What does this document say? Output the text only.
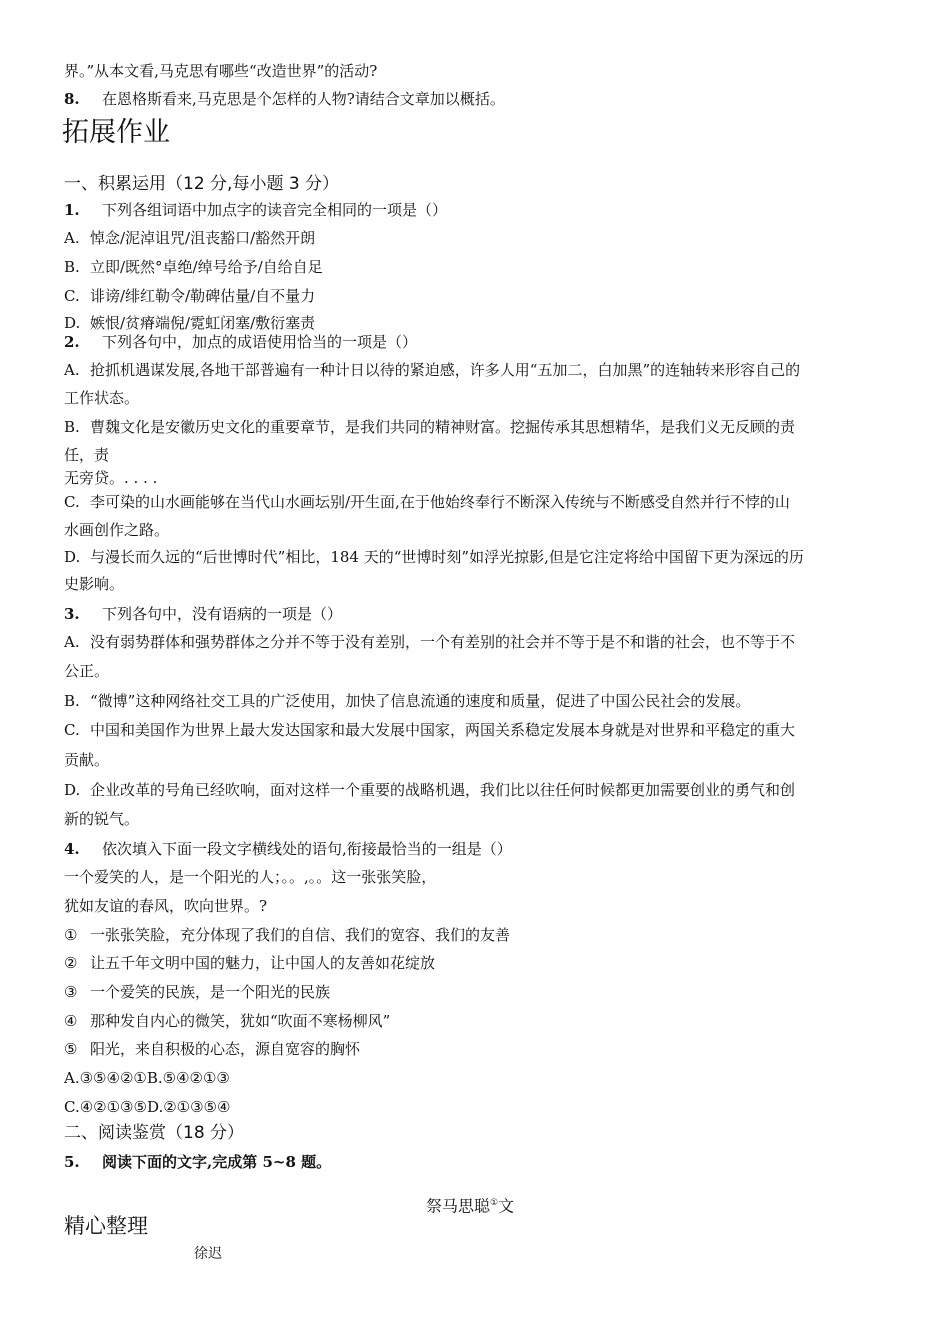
界。”从本文看,马克思有哪些“改造世界”的活动?
8. 在恩格斯看来,马克思是个怎样的人物?请结合文章加以概括。
拓展作业
一、积累运用（12 分,每小题 3 分）
1. 下列各组词语中加点字的读音完全相同的一项是（）
A. 悼念/泥淖诅咒/沮丧豁口/豁然开朗
B. 立即/既然°卓绝/绰号给予/自给自足
C. 诽谤/绯红勒令/勒碑估量/自不量力
D. 嫉恨/贫瘠端倪/霓虹闭塞/敷衍塞责
2. 下列各句中，加点的成语使用恰当的一项是（）
A. 抢抓机遇谋发展,各地干部普遍有一种计日以待的紧迫感，许多人用“五加二，白加黑”的连轴转来形容自己的
工作状态。
B. 曹魏文化是安徽历史文化的重要章节，是我们共同的精神财富。挖掘传承其思想精华，是我们义无反顾的责
任，责
无旁贷。. . . .
C. 李可染的山水画能够在当代山水画坛别/开生面,在于他始终奉行不断深入传统与不断感受自然并行不悖的山
水画创作之路。
D. 与漫长而久远的“后世博时代”相比，184 天的“世博时刻”如浮光掠影,但是它注定将给中国留下更为深远的历
史影响。
3. 下列各句中，没有语病的一项是（）
A. 没有弱势群体和强势群体之分并不等于没有差别，一个有差别的社会并不等于是不和谐的社会，也不等于不
公正。
B. “微博”这种网络社交工具的广泛使用，加快了信息流通的速度和质量，促进了中国公民社会的发展。
C. 中国和美国作为世界上最大发达国家和最大发展中国家，两国关系稳定发展本身就是对世界和平稳定的重大
贡献。
D. 企业改革的号角已经吹响，面对这样一个重要的战略机遇，我们比以往任何时候都更加需要创业的勇气和创
新的锐气。
4. 依次填入下面一段文字横线处的语句,衔接最恰当的一组是（）
一个爱笑的人，是一个阳光的人；。。,。。这一张张笑脸，
犹如友谊的春风，吹向世界。?
① 一张张笑脸，充分体现了我们的自信、我们的宽容、我们的友善
② 让五千年文明中国的魅力，让中国人的友善如花绽放
③ 一个爱笑的民族，是一个阳光的民族
④ 那种发自内心的微笑，犹如“吹面不寒杨柳风”
⑤ 阳光，来自积极的心态，源自宽容的胸怀
A.③⑤④②①B.⑤④②①③
C.④②①③⑤D.②①③⑤④
二、阅读鉴赏（18 分）
5. 阅读下面的文字,完成第 5~8 题。
祭马思聪①文
精心整理
徐迟
